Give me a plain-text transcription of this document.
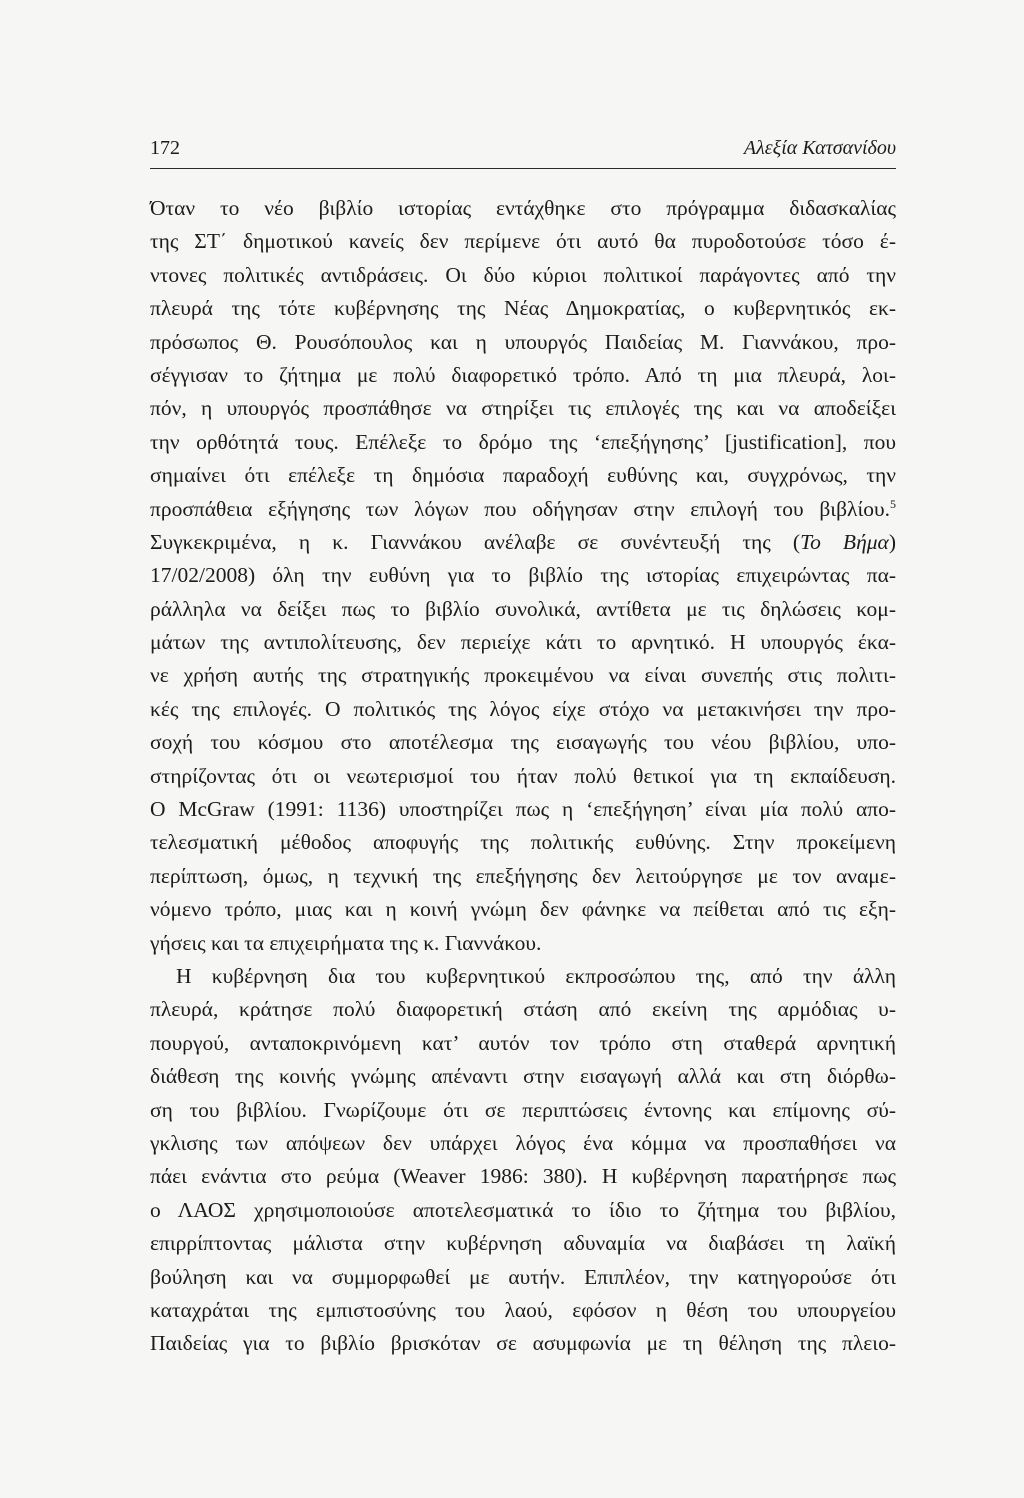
172	Αλεξία Κατσανίδου
Όταν το νέο βιβλίο ιστορίας εντάχθηκε στο πρόγραμμα διδασκαλίας
της ΣΤ΄ δημοτικού κανείς δεν περίμενε ότι αυτό θα πυροδοτούσε τόσο έ-
ντονες πολιτικές αντιδράσεις. Οι δύο κύριοι πολιτικοί παράγοντες από την
πλευρά της τότε κυβέρνησης της Νέας Δημοκρατίας, ο κυβερνητικός εκ-
πρόσωπος Θ. Ρουσόπουλος και η υπουργός Παιδείας Μ. Γιαννάκου, προ-
σέγγισαν το ζήτημα με πολύ διαφορετικό τρόπο. Από τη μια πλευρά, λοι-
πόν, η υπουργός προσπάθησε να στηρίξει τις επιλογές της και να αποδείξει
την ορθότητά τους. Επέλεξε το δρόμο της ‘επεξήγησης’ [justification], που
σημαίνει ότι επέλεξε τη δημόσια παραδοχή ευθύνης και, συγχρόνως, την
προσπάθεια εξήγησης των λόγων που οδήγησαν στην επιλογή του βιβλίου.$^5$
Συγκεκριμένα, η κ. Γιαννάκου ανέλαβε σε συνέντευξή της (Το Βήμα)
17/02/2008) όλη την ευθύνη για το βιβλίο της ιστορίας επιχειρώντας πα-
ράλληλα να δείξει πως το βιβλίο συνολικά, αντίθετα με τις δηλώσεις κομ-
μάτων της αντιπολίτευσης, δεν περιείχε κάτι το αρνητικό. Η υπουργός έκα-
νε χρήση αυτής της στρατηγικής προκειμένου να είναι συνεπής στις πολιτι-
κές της επιλογές. Ο πολιτικός της λόγος είχε στόχο να μετακινήσει την προ-
σοχή του κόσμου στο αποτέλεσμα της εισαγωγής του νέου βιβλίου, υπο-
στηρίζοντας ότι οι νεωτερισμοί του ήταν πολύ θετικοί για τη εκπαίδευση.
Ο McGraw (1991: 1136) υποστηρίζει πως η ‘επεξήγηση’ είναι μία πολύ απο-
τελεσματική μέθοδος αποφυγής της πολιτικής ευθύνης. Στην προκείμενη
περίπτωση, όμως, η τεχνική της επεξήγησης δεν λειτούργησε με τον αναμε-
νόμενο τρόπο, μιας και η κοινή γνώμη δεν φάνηκε να πείθεται από τις εξη-
γήσεις και τα επιχειρήματα της κ. Γιαννάκου.
Η κυβέρνηση δια του κυβερνητικού εκπροσώπου της, από την άλλη
πλευρά, κράτησε πολύ διαφορετική στάση από εκείνη της αρμόδιας υ-
πουργού, ανταποκρινόμενη κατ’ αυτόν τον τρόπο στη σταθερά αρνητική
διάθεση της κοινής γνώμης απέναντι στην εισαγωγή αλλά και στη διόρθω-
ση του βιβλίου. Γνωρίζουμε ότι σε περιπτώσεις έντονης και επίμονης σύ-
γκλισης των απόψεων δεν υπάρχει λόγος ένα κόμμα να προσπαθήσει να
πάει ενάντια στο ρεύμα (Weaver 1986: 380). Η κυβέρνηση παρατήρησε πως
ο ΛΑΟΣ χρησιμοποιούσε αποτελεσματικά το ίδιο το ζήτημα του βιβλίου,
επιρρίπτοντας μάλιστα στην κυβέρνηση αδυναμία να διαβάσει τη λαϊκή
βούληση και να συμμορφωθεί με αυτήν. Επιπλέον, την κατηγορούσε ότι
καταχράται της εμπιστοσύνης του λαού, εφόσον η θέση του υπουργείου
Παιδείας για το βιβλίο βρισκόταν σε ασυμφωνία με τη θέληση της πλειο-
